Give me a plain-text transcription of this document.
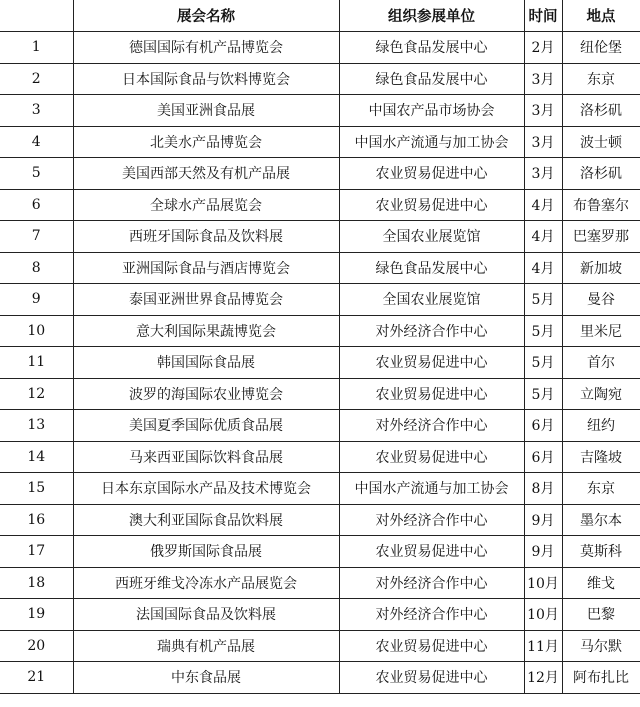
	展会名称	组织参展单位	时间	地点
1	德国国际有机产品博览会	绿色食品发展中心	2月	纽伦堡
2	日本国际食品与饮料博览会	绿色食品发展中心	3月	东京
3	美国亚洲食品展	中国农产品市场协会	3月	洛杉矶
4	北美水产品博览会	中国水产流通与加工协会	3月	波士顿
5	美国西部天然及有机产品展	农业贸易促进中心	3月	洛杉矶
6	全球水产品展览会	农业贸易促进中心	4月	布鲁塞尔
7	西班牙国际食品及饮料展	全国农业展览馆	4月	巴塞罗那
8	亚洲国际食品与酒店博览会	绿色食品发展中心	4月	新加坡
9	泰国亚洲世界食品博览会	全国农业展览馆	5月	曼谷
10	意大利国际果蔬博览会	对外经济合作中心	5月	里米尼
11	韩国国际食品展	农业贸易促进中心	5月	首尔
12	波罗的海国际农业博览会	农业贸易促进中心	5月	立陶宛
13	美国夏季国际优质食品展	对外经济合作中心	6月	纽约
14	马来西亚国际饮料食品展	农业贸易促进中心	6月	吉隆坡
15	日本东京国际水产品及技术博览会	中国水产流通与加工协会	8月	东京
16	澳大利亚国际食品饮料展	对外经济合作中心	9月	墨尔本
17	俄罗斯国际食品展	农业贸易促进中心	9月	莫斯科
18	西班牙维戈冷冻水产品展览会	对外经济合作中心	10月	维戈
19	法国国际食品及饮料展	对外经济合作中心	10月	巴黎
20	瑞典有机产品展	农业贸易促进中心	11月	马尔默
21	中东食品展	农业贸易促进中心	12月	阿布扎比
